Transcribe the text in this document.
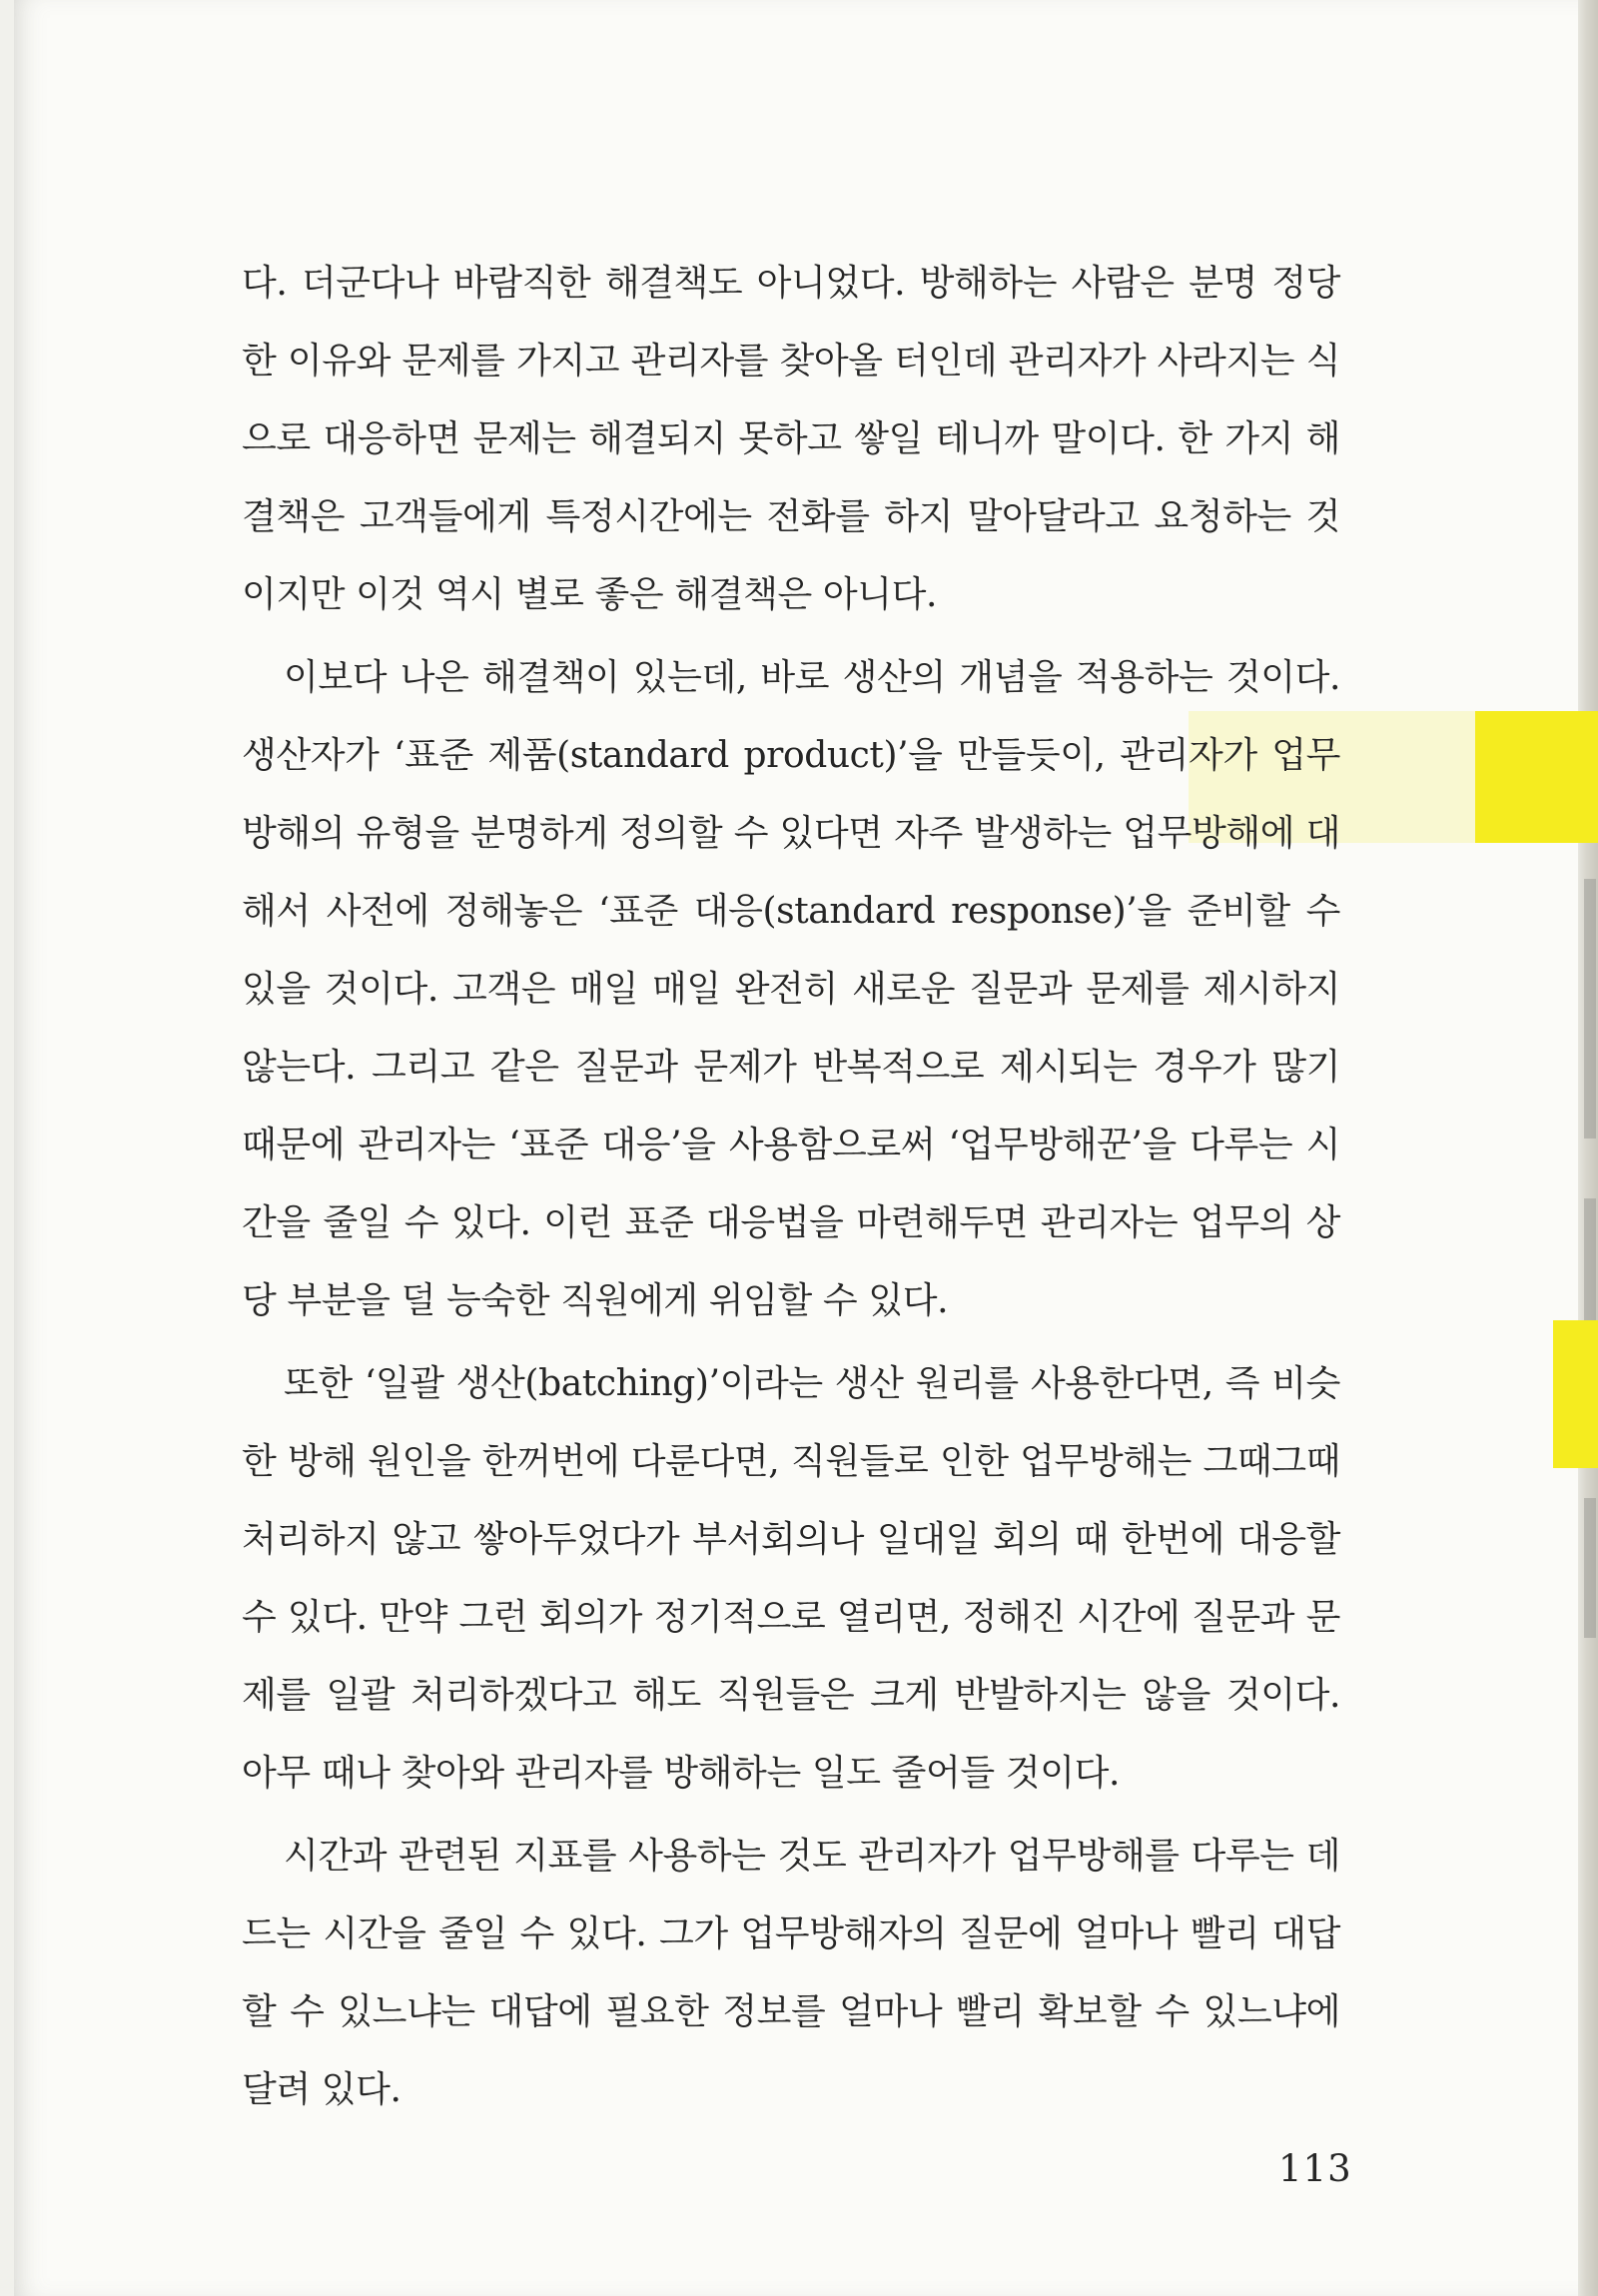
다. 더군다나 바람직한 해결책도 아니었다. 방해하는 사람은 분명 정당한 이유와 문제를 가지고 관리자를 찾아올 터인데 관리자가 사라지는 식으로 대응하면 문제는 해결되지 못하고 쌓일 테니까 말이다. 한 가지 해결책은 고객들에게 특정시간에는 전화를 하지 말아달라고 요청하는 것이지만 이것 역시 별로 좋은 해결책은 아니다.

이보다 나은 해결책이 있는데, 바로 생산의 개념을 적용하는 것이다. 생산자가 ‘표준 제품(standard product)’을 만들듯이, 관리자가 업무방해의 유형을 분명하게 정의할 수 있다면 자주 발생하는 업무방해에 대해서 사전에 정해놓은 ‘표준 대응(standard response)’을 준비할 수 있을 것이다. 고객은 매일 매일 완전히 새로운 질문과 문제를 제시하지 않는다. 그리고 같은 질문과 문제가 반복적으로 제시되는 경우가 많기 때문에 관리자는 ‘표준 대응’을 사용함으로써 ‘업무방해꾼’을 다루는 시간을 줄일 수 있다. 이런 표준 대응법을 마련해두면 관리자는 업무의 상당 부분을 덜 능숙한 직원에게 위임할 수 있다.

또한 ‘일괄 생산(batching)’이라는 생산 원리를 사용한다면, 즉 비슷한 방해 원인을 한꺼번에 다룬다면, 직원들로 인한 업무방해는 그때그때 처리하지 않고 쌓아두었다가 부서회의나 일대일 회의 때 한번에 대응할 수 있다. 만약 그런 회의가 정기적으로 열리면, 정해진 시간에 질문과 문제를 일괄 처리하겠다고 해도 직원들은 크게 반발하지는 않을 것이다. 아무 때나 찾아와 관리자를 방해하는 일도 줄어들 것이다.

시간과 관련된 지표를 사용하는 것도 관리자가 업무방해를 다루는 데 드는 시간을 줄일 수 있다. 그가 업무방해자의 질문에 얼마나 빨리 대답할 수 있느냐는 대답에 필요한 정보를 얼마나 빨리 확보할 수 있느냐에 달려 있다.

113
